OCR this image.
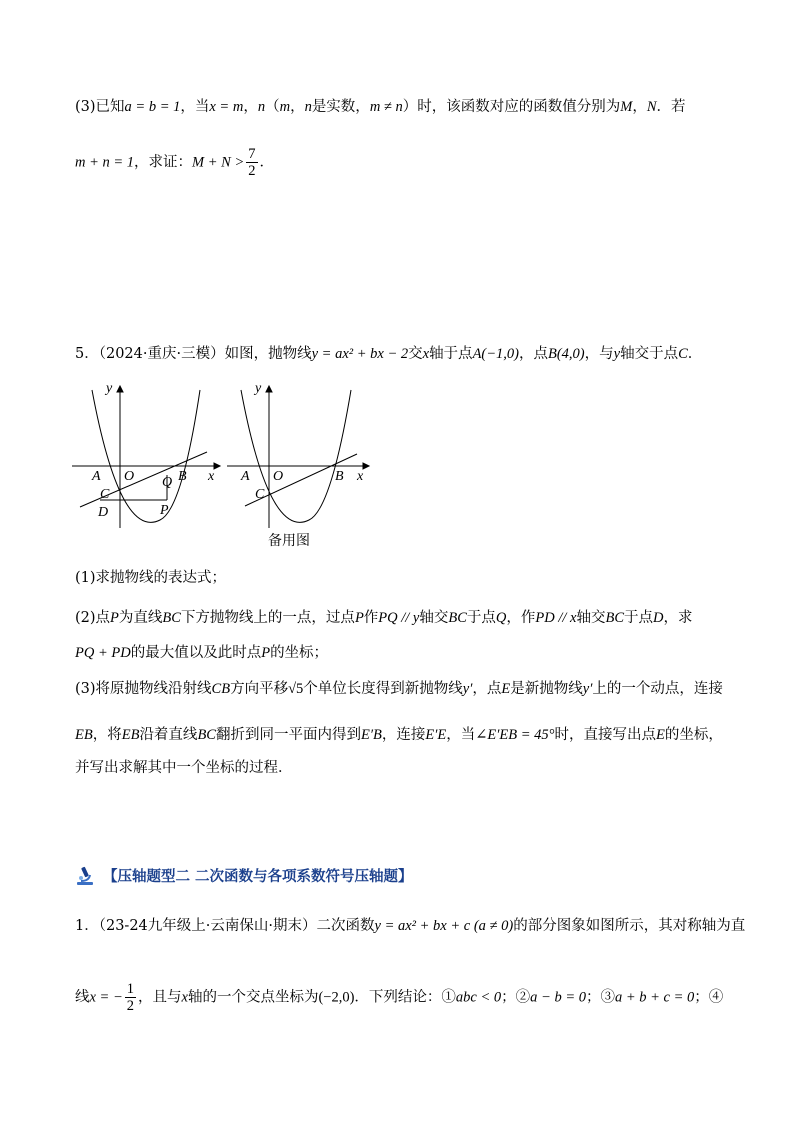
(3)已知a = b = 1，当x = m，n（m，n是实数，m ≠ n）时，该函数对应的函数值分别为M，N．若
m + n = 1，求证：$M + N > \frac{7}{2}$ ．
5．（2024·重庆·三模）如图，抛物线y = ax² + bx − 2交x轴于点A(−1,0)，点B(4,0)，与y轴交于点C．
y
x
A O	B
C
Q
D	P
y
x
A O	B
C
备用图
(1)求抛物线的表达式；
(2)点P为直线BC下方抛物线上的一点，过点P作PQ // y轴交BC于点Q，作PD // x轴交BC于点D，求
PQ + PD的最大值以及此时点P的坐标；
(3)将原抛物线沿射线CB方向平移√5个单位长度得到新抛物线y′，点E是新抛物线y′上的一个动点，连接
EB，将EB沿着直线BC翻折到同一平面内得到E′B，连接E′E，当∠E′EB = 45°时，直接写出点E的坐标，
并写出求解其中一个坐标的过程．
【压轴题型二 二次函数与各项系数符号压轴题】
1．（23-24九年级上·云南保山·期末）二次函数y = ax² + bx + c (a ≠ 0)的部分图象如图所示，其对称轴为直
线x = − $\frac{1}{2}$ ，且与x轴的一个交点坐标为(−2,0)．下列结论：①abc < 0；②a − b = 0；③a + b + c = 0；④
